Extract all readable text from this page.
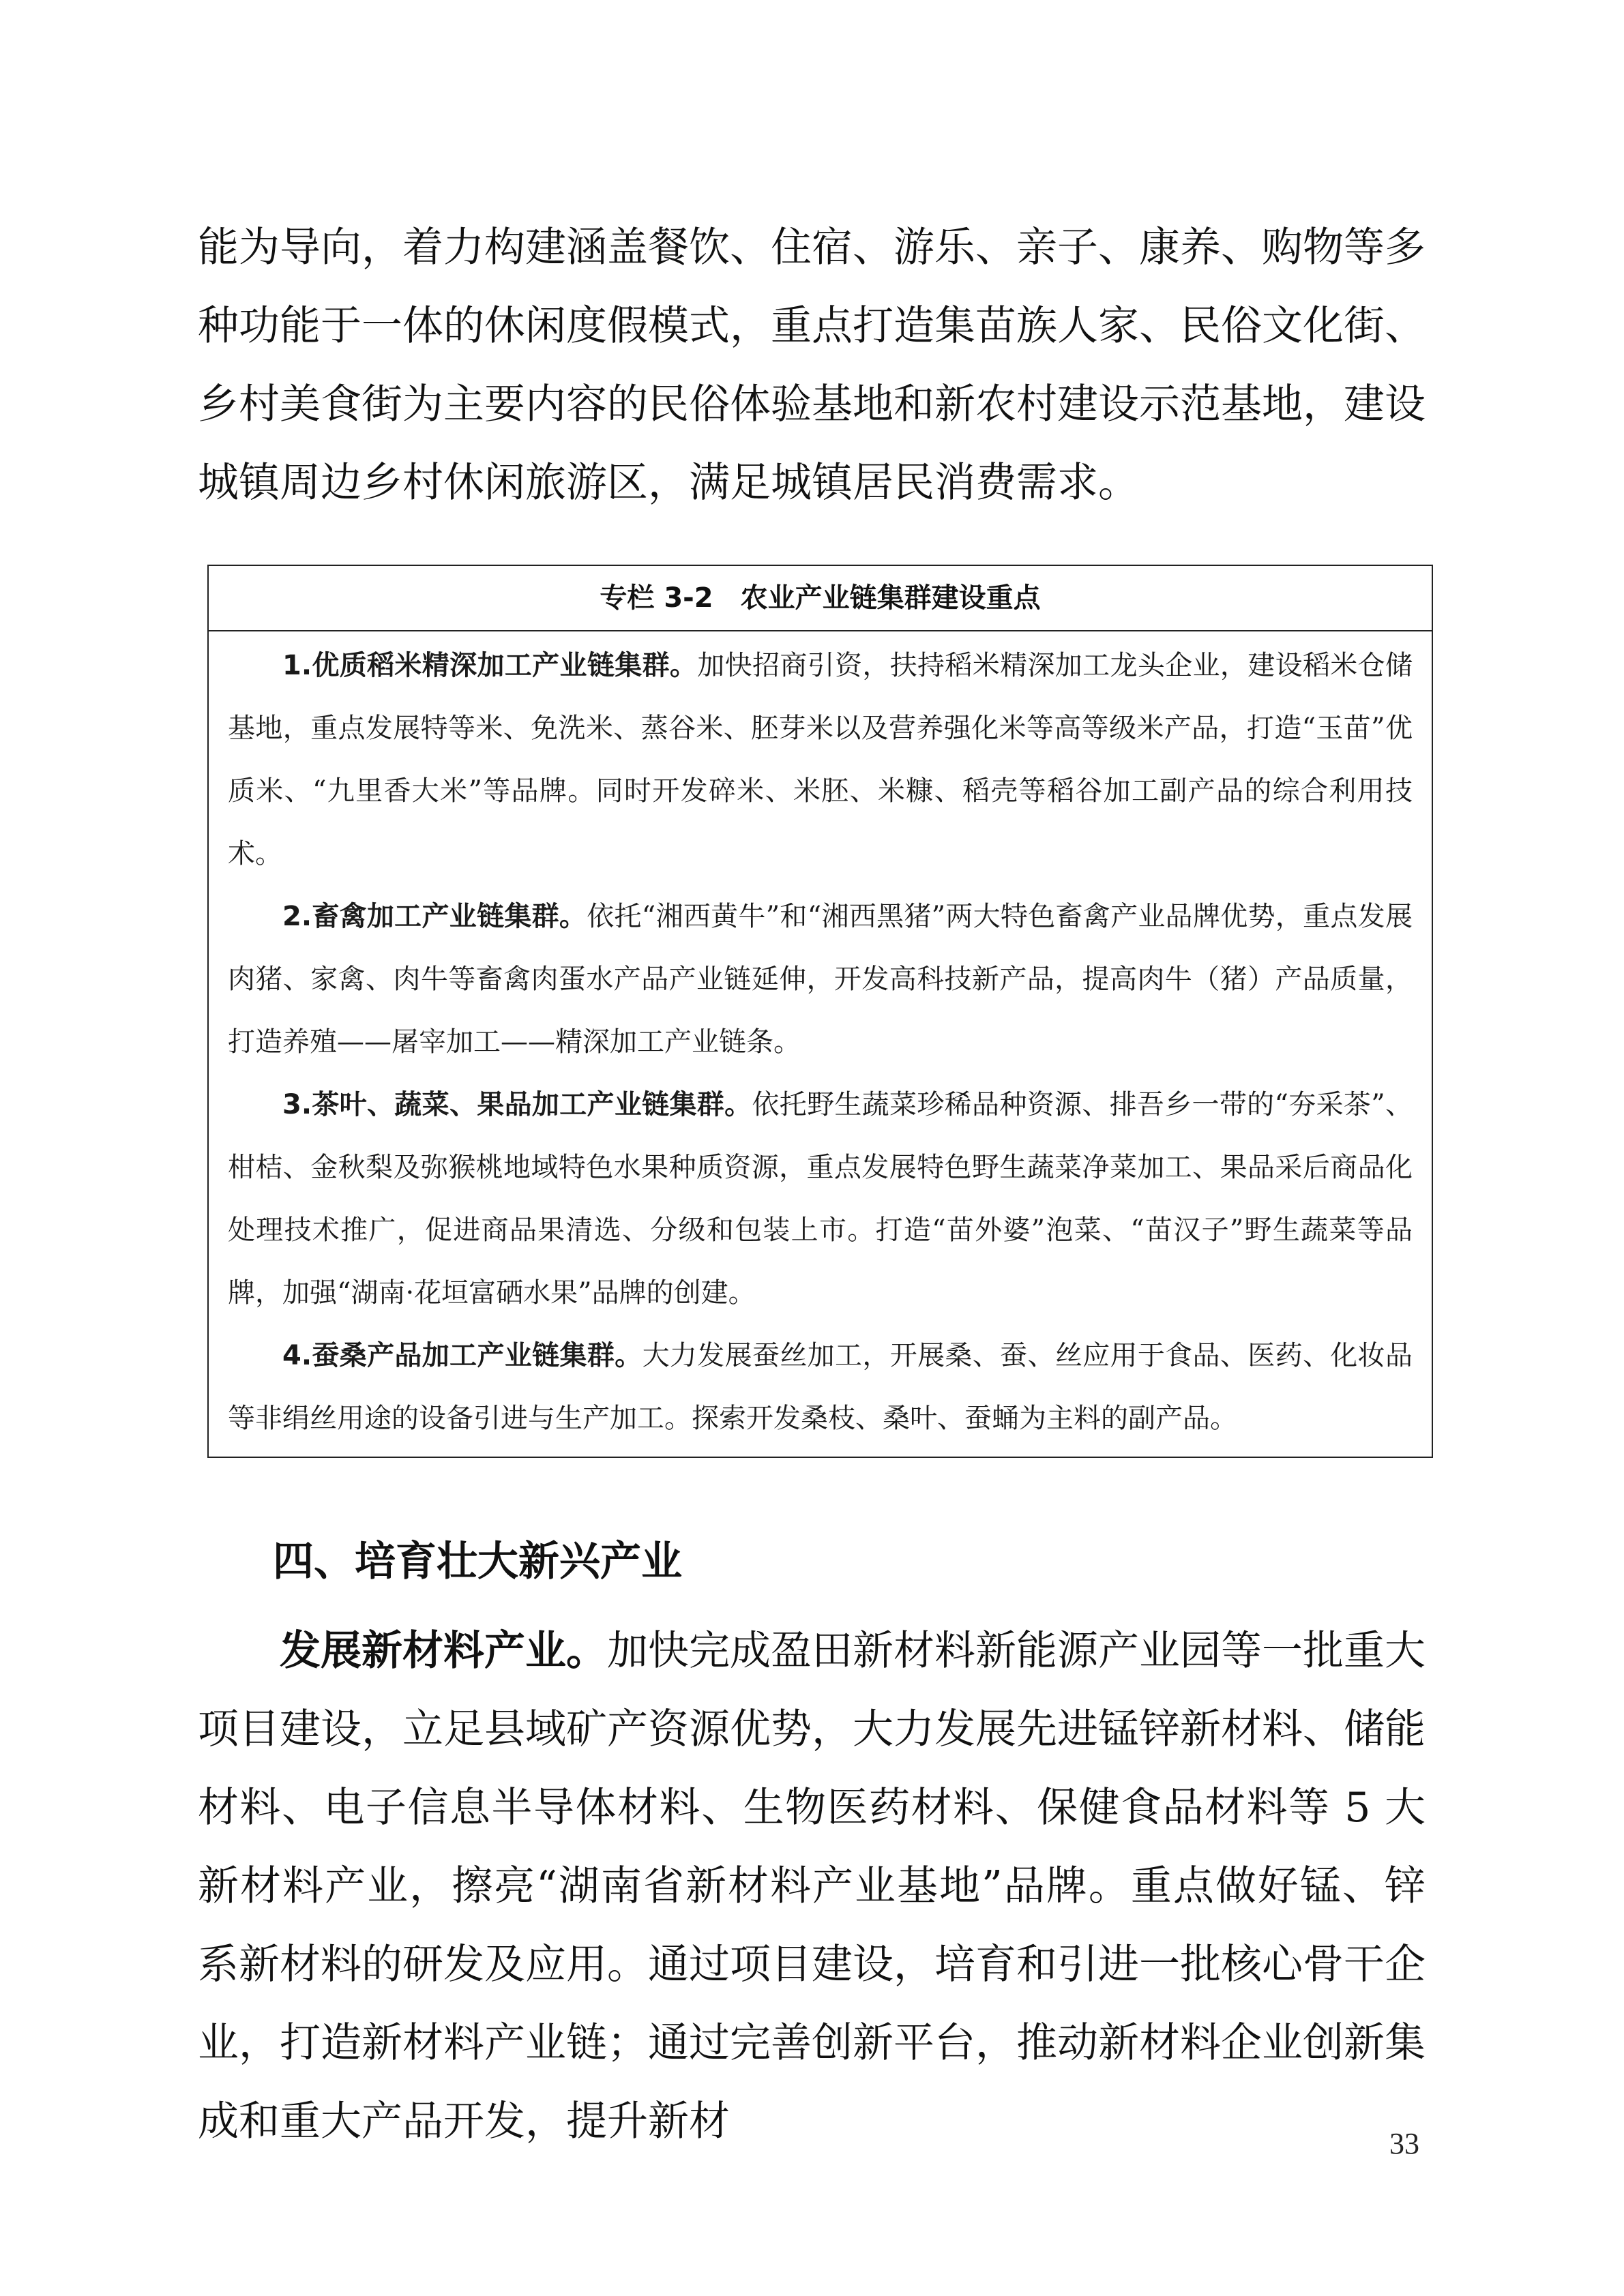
能为导向，着力构建涵盖餐饮、住宿、游乐、亲子、康养、购物等多种功能于一体的休闲度假模式，重点打造集苗族人家、民俗文化街、乡村美食街为主要内容的民俗体验基地和新农村建设示范基地，建设城镇周边乡村休闲旅游区，满足城镇居民消费需求。

专栏 3-2　农业产业链集群建设重点

1.优质稻米精深加工产业链集群。加快招商引资，扶持稻米精深加工龙头企业，建设稻米仓储基地，重点发展特等米、免洗米、蒸谷米、胚芽米以及营养强化米等高等级米产品，打造“玉苗”优质米、“九里香大米”等品牌。同时开发碎米、米胚、米糠、稻壳等稻谷加工副产品的综合利用技术。

2.畜禽加工产业链集群。依托“湘西黄牛”和“湘西黑猪”两大特色畜禽产业品牌优势，重点发展肉猪、家禽、肉牛等畜禽肉蛋水产品产业链延伸，开发高科技新产品，提高肉牛（猪）产品质量，打造养殖——屠宰加工——精深加工产业链条。

3.茶叶、蔬菜、果品加工产业链集群。依托野生蔬菜珍稀品种资源、排吾乡一带的“夯采茶”、柑桔、金秋梨及弥猴桃地域特色水果种质资源，重点发展特色野生蔬菜净菜加工、果品采后商品化处理技术推广，促进商品果清选、分级和包装上市。打造“苗外婆”泡菜、“苗汉子”野生蔬菜等品牌，加强“湖南·花垣富硒水果”品牌的创建。

4.蚕桑产品加工产业链集群。大力发展蚕丝加工，开展桑、蚕、丝应用于食品、医药、化妆品等非绢丝用途的设备引进与生产加工。探索开发桑枝、桑叶、蚕蛹为主料的副产品。

四、培育壮大新兴产业

发展新材料产业。加快完成盈田新材料新能源产业园等一批重大项目建设，立足县域矿产资源优势，大力发展先进锰锌新材料、储能材料、电子信息半导体材料、生物医药材料、保健食品材料等 5 大新材料产业，擦亮“湖南省新材料产业基地”品牌。重点做好锰、锌系新材料的研发及应用。通过项目建设，培育和引进一批核心骨干企业，打造新材料产业链；通过完善创新平台，推动新材料企业创新集成和重大产品开发，提升新材	33
